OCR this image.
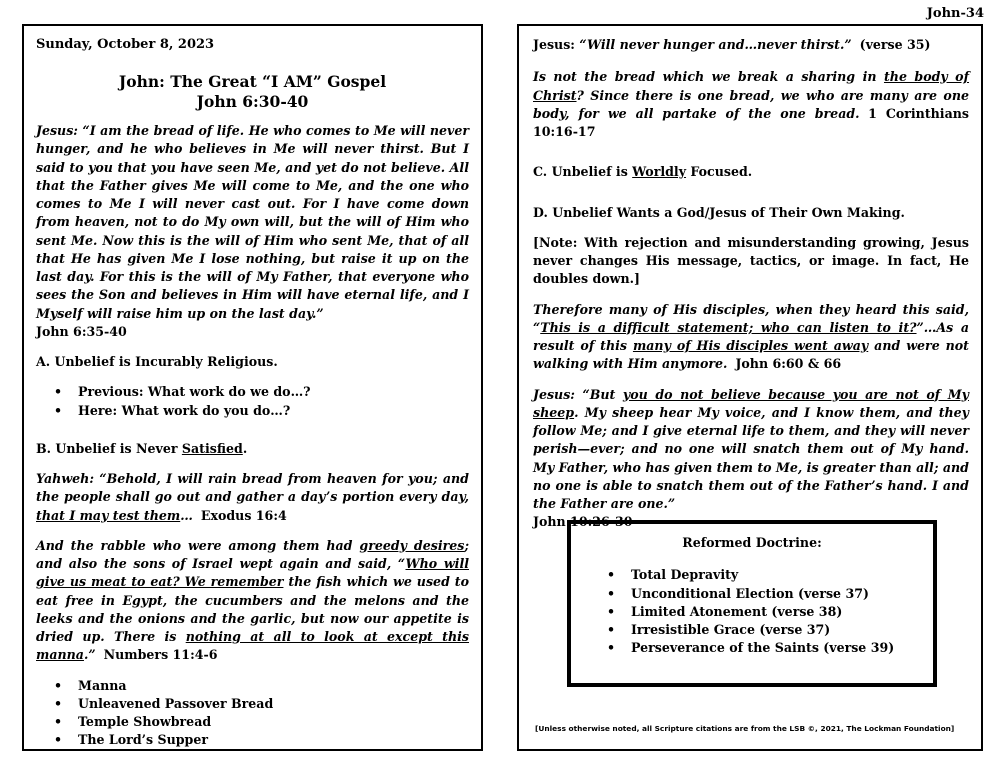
John-34
Sunday, October 8, 2023
John: The Great “I AM” Gospel
John 6:30-40

Jesus: “I am the bread of life. He who comes to Me will never hunger, and he who believes in Me will never thirst. But I said to you that you have seen Me, and yet do not believe. All that the Father gives Me will come to Me, and the one who comes to Me I will never cast out. For I have come down from heaven, not to do My own will, but the will of Him who sent Me. Now this is the will of Him who sent Me, that of all that He has given Me I lose nothing, but raise it up on the last day. For this is the will of My Father, that everyone who sees the Son and believes in Him will have eternal life, and I Myself will raise him up on the last day.”
John 6:35-40

A. Unbelief is Incurably Religious.
• Previous: What work do we do…?
• Here: What work do you do…?
B. Unbelief is Never Satisfied.

Yahweh: “Behold, I will rain bread from heaven for you; and the people shall go out and gather a day’s portion every day, that I may test them… Exodus 16:4

And the rabble who were among them had greedy desires; and also the sons of Israel wept again and said, “Who will give us meat to eat? We remember the fish which we used to eat free in Egypt, the cucumbers and the melons and the leeks and the onions and the garlic, but now our appetite is dried up. There is nothing at all to look at except this manna.” Numbers 11:4-6

• Manna
• Unleavened Passover Bread
• Temple Showbread
• The Lord’s Supper

Jesus: “Will never hunger and…never thirst.” (verse 35)

Is not the bread which we break a sharing in the body of Christ? Since there is one bread, we who are many are one body, for we all partake of the one bread. 1 Corinthians 10:16-17

C. Unbelief is Worldly Focused.
D. Unbelief Wants a God/Jesus of Their Own Making.

[Note: With rejection and misunderstanding growing, Jesus never changes His message, tactics, or image. In fact, He doubles down.]

Therefore many of His disciples, when they heard this said, “This is a difficult statement; who can listen to it?”…As a result of this many of His disciples went away and were not walking with Him anymore. John 6:60 & 66

Jesus: “But you do not believe because you are not of My sheep. My sheep hear My voice, and I know them, and they follow Me; and I give eternal life to them, and they will never perish—ever; and no one will snatch them out of My hand. My Father, who has given them to Me, is greater than all; and no one is able to snatch them out of the Father’s hand. I and the Father are one.”
John 10:26-30

Reformed Doctrine:
• Total Depravity
• Unconditional Election (verse 37)
• Limited Atonement (verse 38)
• Irresistible Grace (verse 37)
• Perseverance of the Saints (verse 39)
[Unless otherwise noted, all Scripture citations are from the LSB ©, 2021, The Lockman Foundation]
